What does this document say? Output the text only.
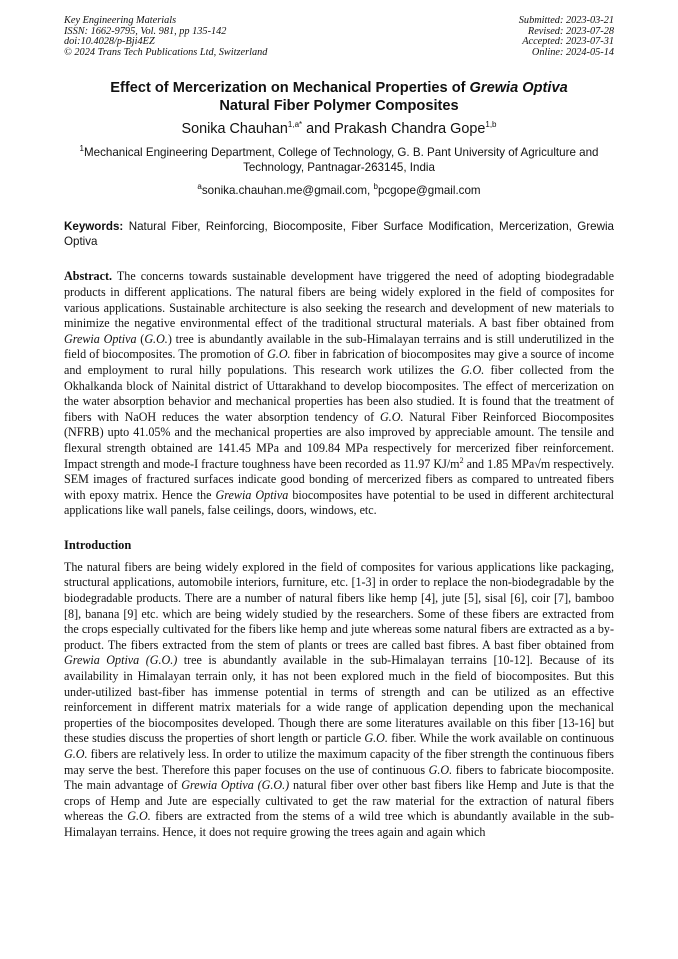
Key Engineering Materials
ISSN: 1662-9795, Vol. 981, pp 135-142
doi:10.4028/p-Bji4EZ
© 2024 Trans Tech Publications Ltd, Switzerland
Submitted: 2023-03-21
Revised: 2023-07-28
Accepted: 2023-07-31
Online: 2024-05-14
Effect of Mercerization on Mechanical Properties of Grewia Optiva
Natural Fiber Polymer Composites
Sonika Chauhan$^{1,a*}$ and Prakash Chandra Gope$^{1,b}$
$^1$Mechanical Engineering Department, College of Technology, G. B. Pant University of Agriculture and Technology, Pantnagar-263145, India
$^a$sonika.chauhan.me@gmail.com, $^b$pcgope@gmail.com
Keywords: Natural Fiber, Reinforcing, Biocomposite, Fiber Surface Modification, Mercerization, Grewia Optiva
Abstract. The concerns towards sustainable development have triggered the need of adopting biodegradable products in different applications. The natural fibers are being widely explored in the field of composites for various applications. Sustainable architecture is also seeking the research and development of new materials to minimize the negative environmental effect of the traditional structural materials. A bast fiber obtained from Grewia Optiva (G.O.) tree is abundantly available in the sub-Himalayan terrains and is still underutilized in the field of biocomposites. The promotion of G.O. fiber in fabrication of biocomposites may give a source of income and employment to rural hilly populations. This research work utilizes the G.O. fiber collected from the Okhalkanda block of Nainital district of Uttarakhand to develop biocomposites. The effect of mercerization on the water absorption behavior and mechanical properties has been also studied. It is found that the treatment of fibers with NaOH reduces the water absorption tendency of G.O. Natural Fiber Reinforced Biocomposites (NFRB) upto 41.05% and the mechanical properties are also improved by appreciable amount. The tensile and flexural strength obtained are 141.45 MPa and 109.84 MPa respectively for mercerized fiber reinforcement. Impact strength and mode-I fracture toughness have been recorded as 11.97 $KJ/m^2$ and 1.85 MPa√m respectively. SEM images of fractured surfaces indicate good bonding of mercerized fibers as compared to untreated fibers with epoxy matrix. Hence the Grewia Optiva biocomposites have potential to be used in different architectural applications like wall panels, false ceilings, doors, windows, etc.
Introduction
The natural fibers are being widely explored in the field of composites for various applications like packaging, structural applications, automobile interiors, furniture, etc. [1-3] in order to replace the non-biodegradable by the biodegradable products. There are a number of natural fibers like hemp [4], jute [5], sisal [6], coir [7], bamboo [8], banana [9] etc. which are being widely studied by the researchers. Some of these fibers are extracted from the crops especially cultivated for the fibers like hemp and jute whereas some natural fibers are extracted as a by-product. The fibers extracted from the stem of plants or trees are called bast fibres. A bast fiber obtained from Grewia Optiva (G.O.) tree is abundantly available in the sub-Himalayan terrains [10-12]. Because of its availability in Himalayan terrain only, it has not been explored much in the field of biocomposites. But this under-utilized bast-fiber has immense potential in terms of strength and can be utilized as an effective reinforcement in different matrix materials for a wide range of application depending upon the mechanical properties of the biocomposites developed. Though there are some literatures available on this fiber [13-16] but these studies discuss the properties of short length or particle G.O. fiber. While the work available on continuous G.O. fibers are relatively less. In order to utilize the maximum capacity of the fiber strength the continuous fibers may serve the best. Therefore this paper focuses on the use of continuous G.O. fibers to fabricate biocomposite. The main advantage of Grewia Optiva (G.O.) natural fiber over other bast fibers like Hemp and Jute is that the crops of Hemp and Jute are especially cultivated to get the raw material for the extraction of natural fibers whereas the G.O. fibers are extracted from the stems of a wild tree which is abundantly available in the sub-Himalayan terrains. Hence, it does not require growing the trees again and again which
